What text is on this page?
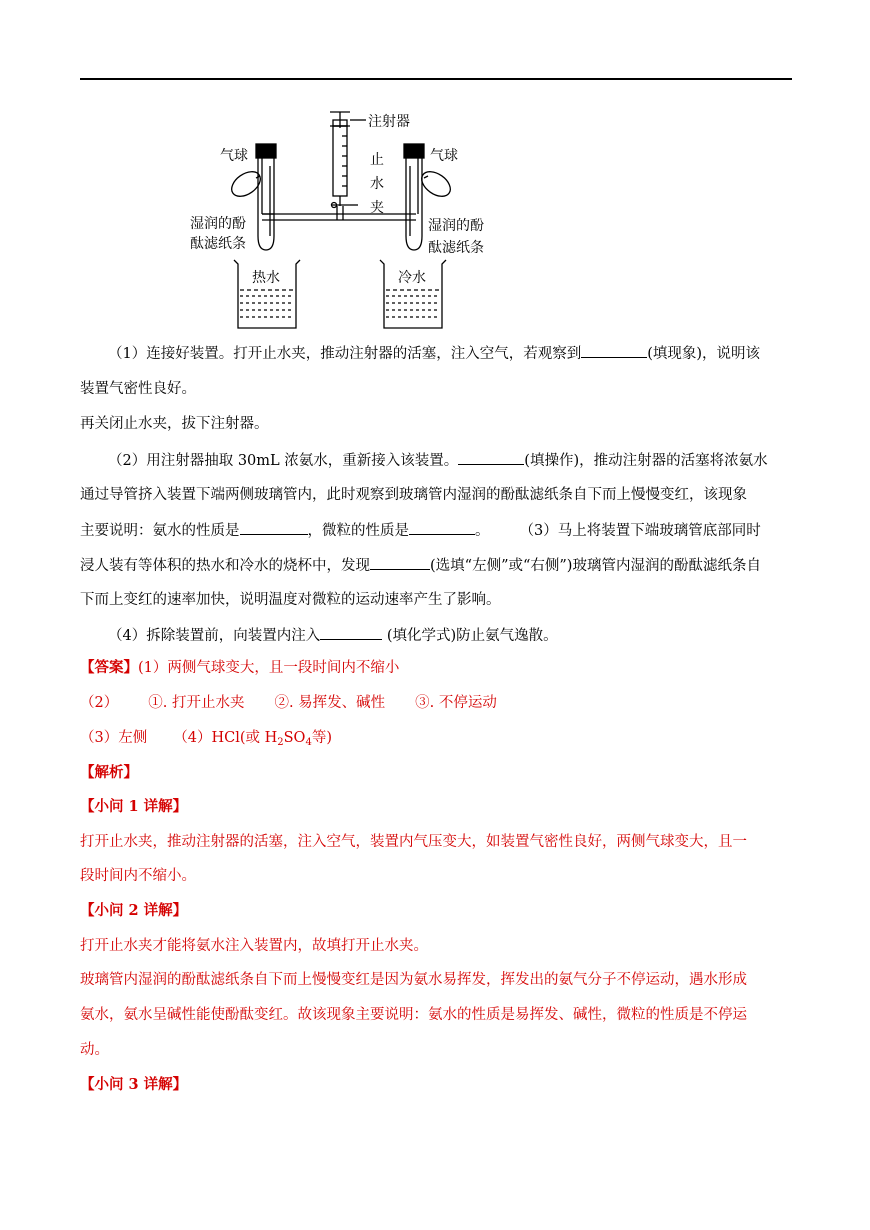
注射器
气球	气球
止
水
夹
湿润的酚
酞滤纸条
湿润的酚
酞滤纸条
热水	冷水
（1）连接好装置。打开止水夹，推动注射器的活塞，注入空气，若观察到	(填现象)，说明该
装置气密性良好。
再关闭止水夹，拔下注射器。
（2）用注射器抽取 30mL 浓氨水，重新接入该装置。	(填操作)，推动注射器的活塞将浓氨水
通过导管挤入装置下端两侧玻璃管内，此时观察到玻璃管内湿润的酚酞滤纸条自下而上慢慢变红，该现象
主要说明：氨水的性质是	，微粒的性质是	。 （3）马上将装置下端玻璃管底部同时
浸人装有等体积的热水和冷水的烧杯中，发现	(选填“左侧”或“右侧”)玻璃管内湿润的酚酞滤纸条自
下而上变红的速率加快，说明温度对微粒的运动速率产生了影响。
（4）拆除装置前，向装置内注入	(填化学式)防止氨气逸散。
【答案】(1）两侧气球变大，且一段时间内不缩小
（2） ①. 打开止水夹 ②. 易挥发、碱性 ③. 不停运动
（3）左侧 （4）HCl(或 $H_2SO_4$等)
【解析】
【小问 1 详解】
打开止水夹，推动注射器的活塞，注入空气，装置内气压变大，如装置气密性良好，两侧气球变大，且一
段时间内不缩小。
【小问 2 详解】
打开止水夹才能将氨水注入装置内，故填打开止水夹。
玻璃管内湿润的酚酞滤纸条自下而上慢慢变红是因为氨水易挥发，挥发出的氨气分子不停运动，遇水形成
氨水，氨水呈碱性能使酚酞变红。故该现象主要说明：氨水的性质是易挥发、碱性，微粒的性质是不停运
动。
【小问 3 详解】
